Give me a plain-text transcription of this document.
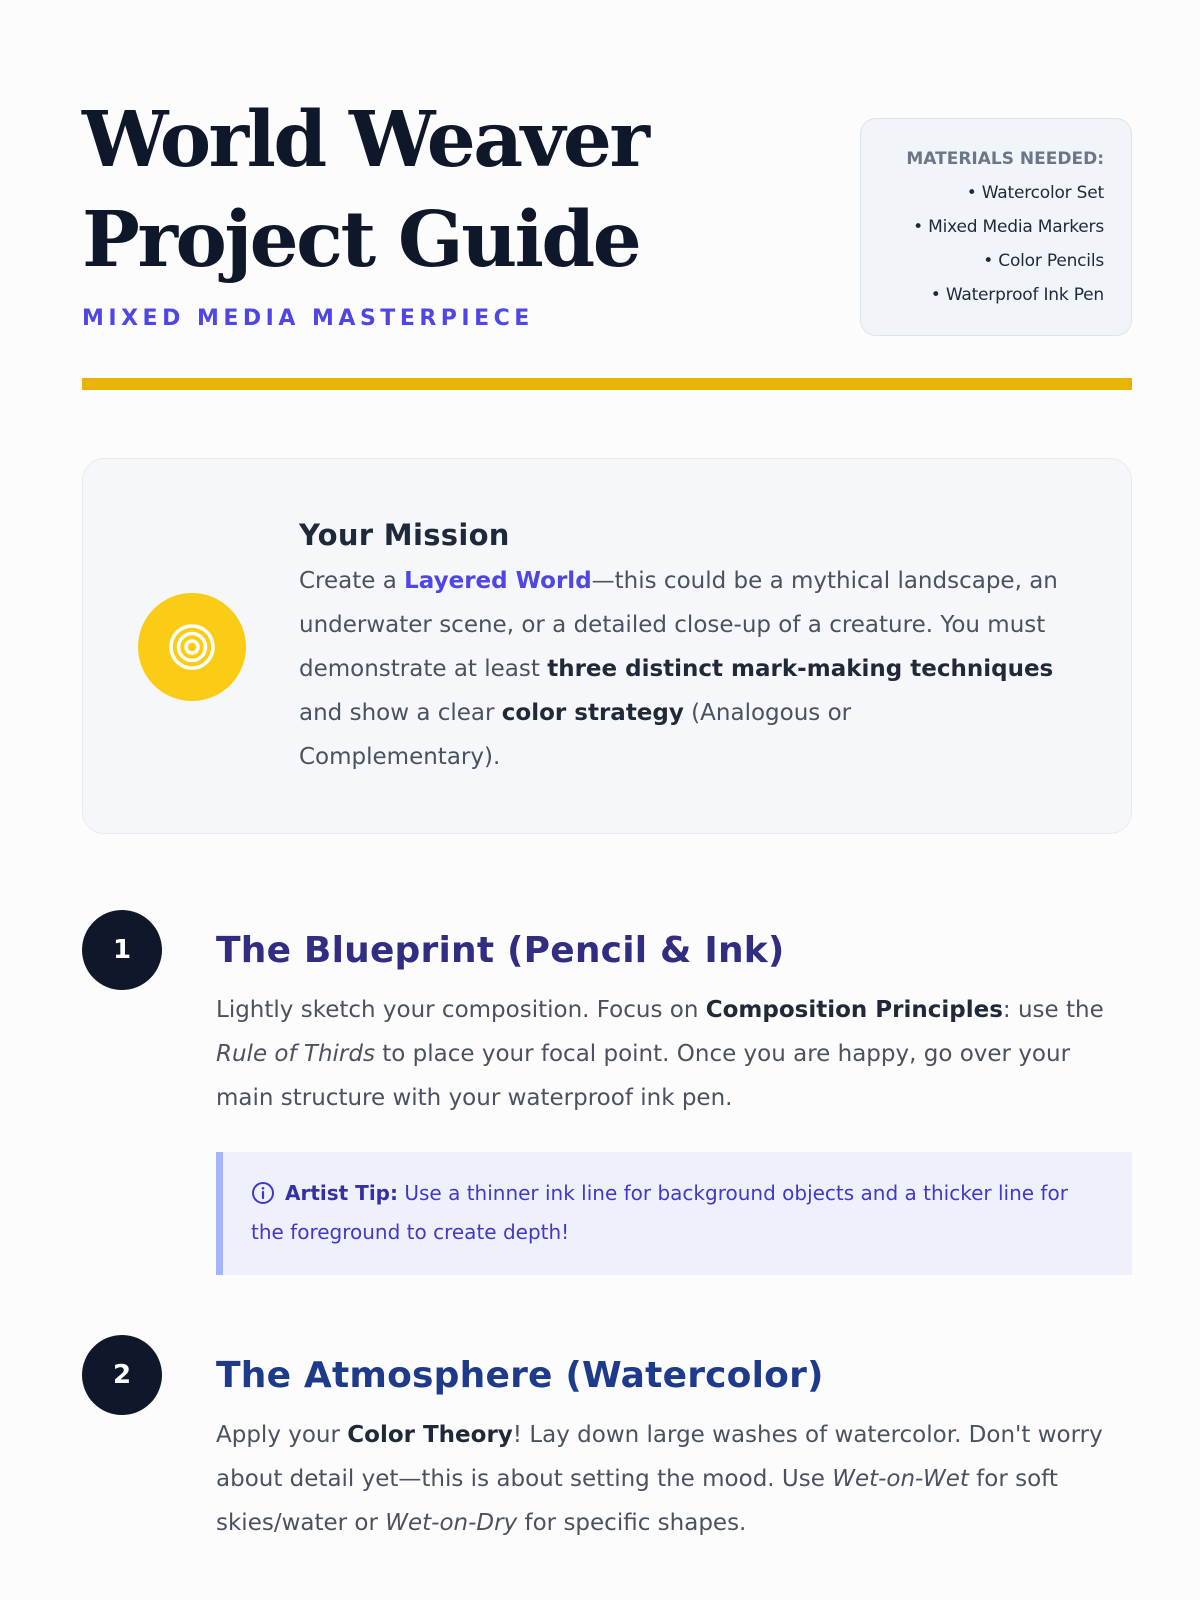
World Weaver
Project Guide
MIXED MEDIA MASTERPIECE
MATERIALS NEEDED:
• Watercolor Set
• Mixed Media Markers
• Color Pencils
• Waterproof Ink Pen
Your Mission

Create a Layered World—this could be a mythical landscape, an underwater scene, or a detailed close-up of a creature. You must demonstrate at least three distinct mark-making techniques and show a clear color strategy (Analogous or Complementary).

1	The Blueprint (Pencil & Ink)

Lightly sketch your composition. Focus on Composition Principles: use the Rule of Thirds to place your focal point. Once you are happy, go over your main structure with your waterproof ink pen.

Artist Tip: Use a thinner ink line for background objects and a thicker line for the foreground to create depth!
2	The Atmosphere (Watercolor)

Apply your Color Theory! Lay down large washes of watercolor. Don't worry about detail yet—this is about setting the mood. Use Wet-on-Wet for soft skies/water or Wet-on-Dry for specific shapes.
